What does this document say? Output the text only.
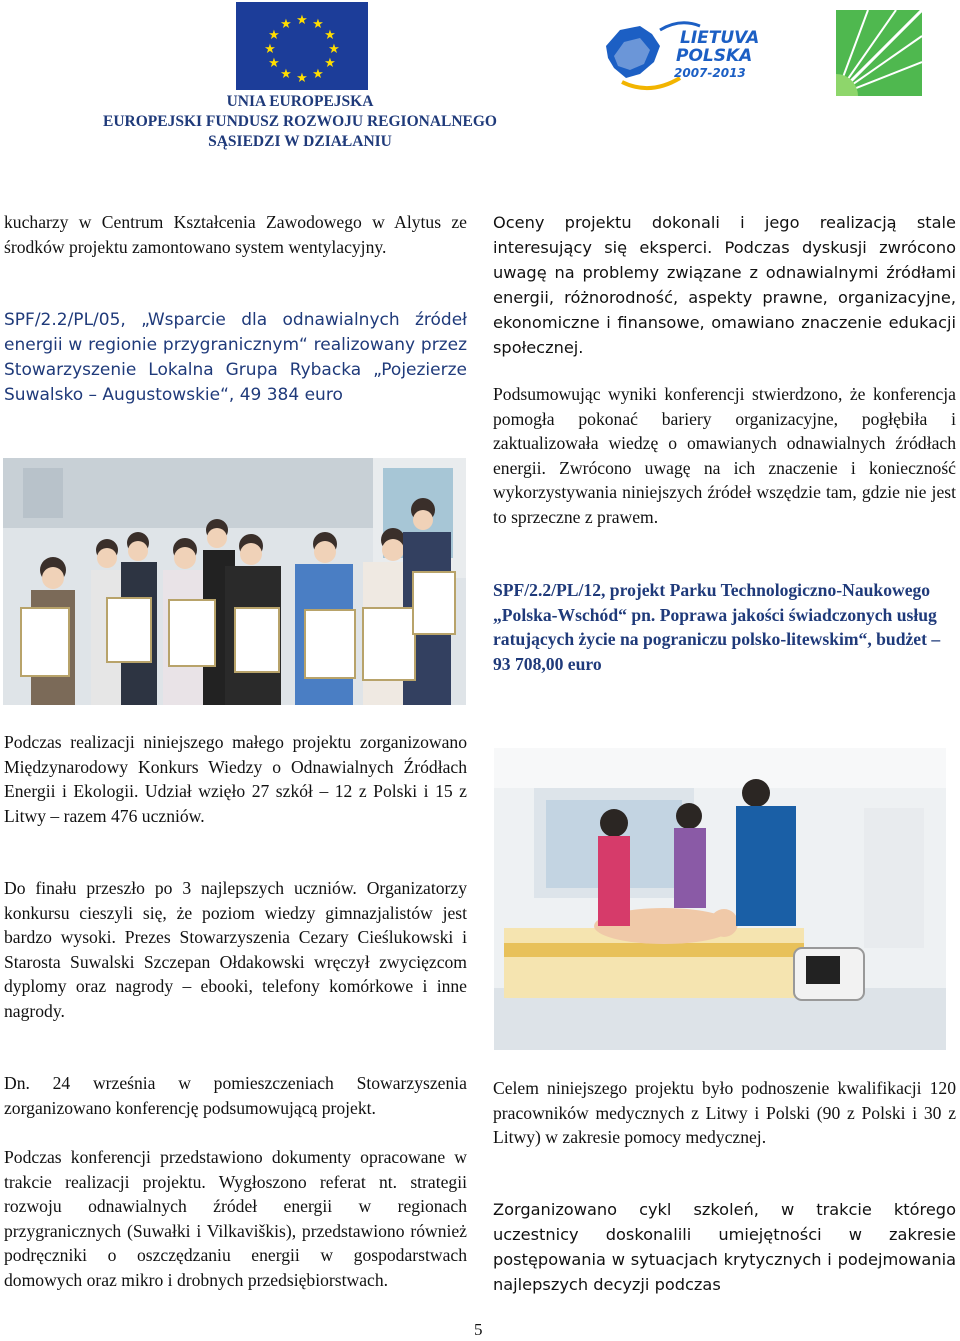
★ ★
★
★
★
★
★
★
★
★
★
★
LIETUVA
POLSKA
2007-2013
UNIA EUROPEJSKA
EUROPEJSKI FUNDUSZ ROZWOJU REGIONALNEGO
SĄSIEDZI W DZIAŁANIU

kucharzy w Centrum Kształcenia Zawodowego w Alytus ze środków projektu zamontowano system wentylacyjny.

SPF/2.2/PL/05, „Wsparcie dla odnawialnych źródeł energii w regionie przygranicznym“ realizowany przez Stowarzyszenie Lokalna Grupa Rybacka „Pojezierze Suwalsko – Augustowskie“, 49 384 euro

Podczas realizacji niniejszego małego projektu zorganizowano Międzynarodowy Konkurs Wiedzy o Odnawialnych Źródłach Energii i Ekologii. Udział wzięło 27 szkół – 12 z Polski i 15 z Litwy – razem 476 uczniów.

Do finału przeszło po 3 najlepszych uczniów. Organizatorzy konkursu cieszyli się, że poziom wiedzy gimnazjalistów jest bardzo wysoki. Prezes Stowarzyszenia Cezary Cieślukowski i Starosta Suwalski Szczepan Ołdakowski wręczył zwycięzcom dyplomy oraz nagrody – ebooki, telefony komórkowe i inne nagrody.

Dn. 24 września w pomieszczeniach Stowarzyszenia zorganizowano konferencję podsumowującą projekt.

Podczas konferencji przedstawiono dokumenty opracowane w trakcie realizacji projektu. Wygłoszono referat nt. strategii rozwoju odnawialnych źródeł energii w regionach przygranicznych (Suwałki i Vilkaviškis), przedstawiono również podręczniki o oszczędzaniu energii w gospodarstwach domowych oraz mikro i drobnych przedsiębiorstwach.

Oceny projektu dokonali i jego realizacją stale interesujący się eksperci. Podczas dyskusji zwrócono uwagę na problemy związane z odnawialnymi źródłami energii, różnorodność, aspekty prawne, organizacyjne, ekonomiczne i finansowe, omawiano znaczenie edukacji społecznej.

Podsumowując wyniki konferencji stwierdzono, że konferencja pomogła pokonać bariery organizacyjne, pogłębiła i zaktualizowała wiedzę o omawianych odnawialnych źródłach energii. Zwrócono uwagę na ich znaczenie i konieczność wykorzystywania niniejszych źródeł wszędzie tam, gdzie nie jest to sprzeczne z prawem.

SPF/2.2/PL/12, projekt Parku Technologiczno-Naukowego „Polska-Wschód“ pn. Poprawa jakości świadczonych usług ratujących życie na pograniczu polsko-litewskim“, budżet – 93 708,00 euro

Celem niniejszego projektu było podnoszenie kwalifikacji 120 pracowników medycznych z Litwy i Polski (90 z Polski i 30 z Litwy) w zakresie pomocy medycznej.

Zorganizowano cykl szkoleń, w trakcie którego uczestnicy doskonalili umiejętności w zakresie postępowania w sytuacjach krytycznych i podejmowania najlepszych decyzji podczas

5
